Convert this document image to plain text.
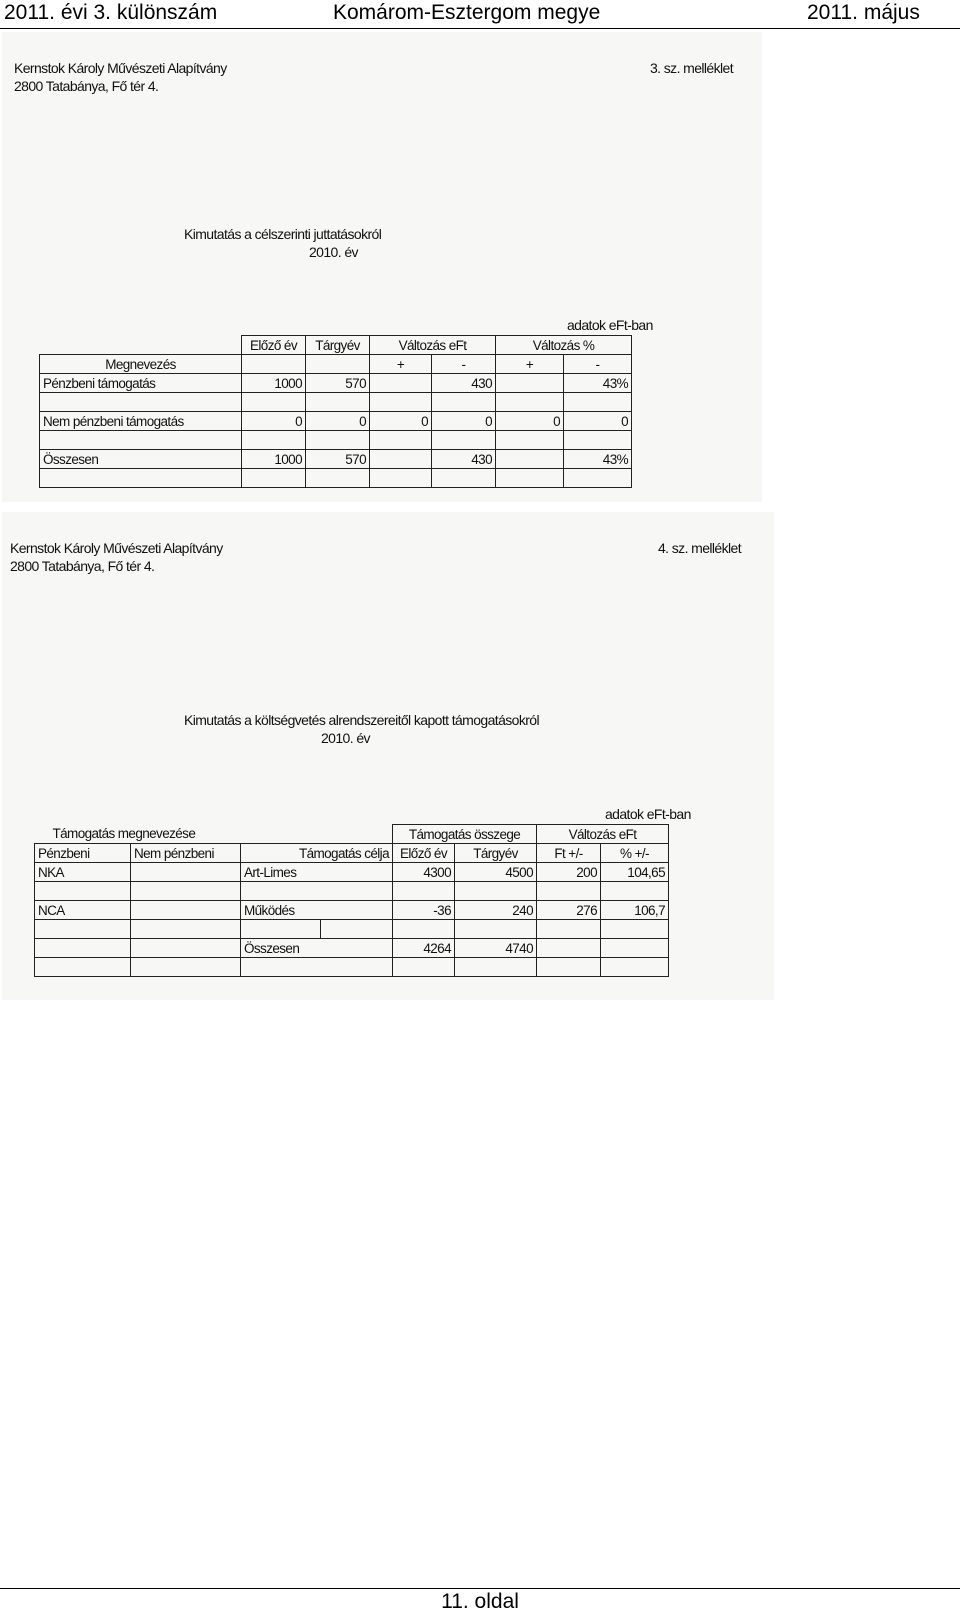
2011. évi 3. különszám	Komárom-Esztergom megye	2011. május
Kernstok Károly Művészeti Alapítvány
2800 Tatabánya, Fő tér 4.
3. sz. melléklet
Kimutatás a célszerinti juttatásokról
2010. év
adatok eFt-ban
	Előző év	Tárgyév	Változás eFt		Változás %	
Megnevezés			+	-	+	-
Pénzbeni támogatás	1000	570		430		43%

Nem pénzbeni támogatás	0	0	0	0	0	0

Összesen	1000	570		430		43%

Kernstok Károly Művészeti Alapítvány
2800 Tatabánya, Fő tér 4.
4. sz. melléklet
Kimutatás a költségvetés alrendszereitől kapott támogatásokról
2010. év
adatok eFt-ban
Támogatás megnevezése				Támogatás összege		Változás eFt	
Pénzbeni	Nem pénzbeni	Támogatás célja		Előző év	Tárgyév	Ft +/-	% +/-
NKA		Art-Limes		4300	4500	200	104,65

NCA		Működés		-36	240	276	106,7

		Összesen		4264	4740		

11. oldal
